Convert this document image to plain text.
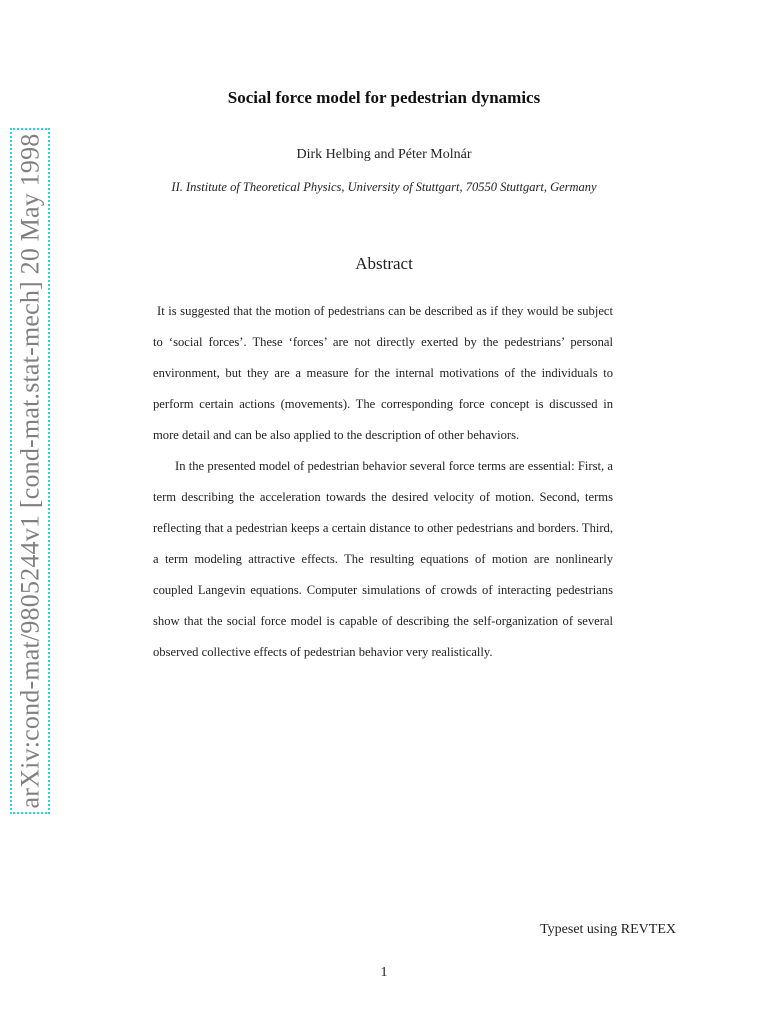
arXiv:cond-mat/9805244v1 [cond-mat.stat-mech] 20 May 1998
Social force model for pedestrian dynamics
Dirk Helbing and Péter Molnár
II. Institute of Theoretical Physics, University of Stuttgart, 70550 Stuttgart, Germany
Abstract

It is suggested that the motion of pedestrians can be described as if they would be subject to ‘social forces’. These ‘forces’ are not directly exerted by the pedestrians’ personal environment, but they are a measure for the internal motivations of the individuals to perform certain actions (movements). The corresponding force concept is discussed in more detail and can be also applied to the description of other behaviors.

In the presented model of pedestrian behavior several force terms are essential: First, a term describing the acceleration towards the desired velocity of motion. Second, terms reflecting that a pedestrian keeps a certain distance to other pedestrians and borders. Third, a term modeling attractive effects. The resulting equations of motion are nonlinearly coupled Langevin equations. Computer simulations of crowds of interacting pedestrians show that the social force model is capable of describing the self-organization of several observed collective effects of pedestrian behavior very realistically.

Typeset using REVTEX
1
